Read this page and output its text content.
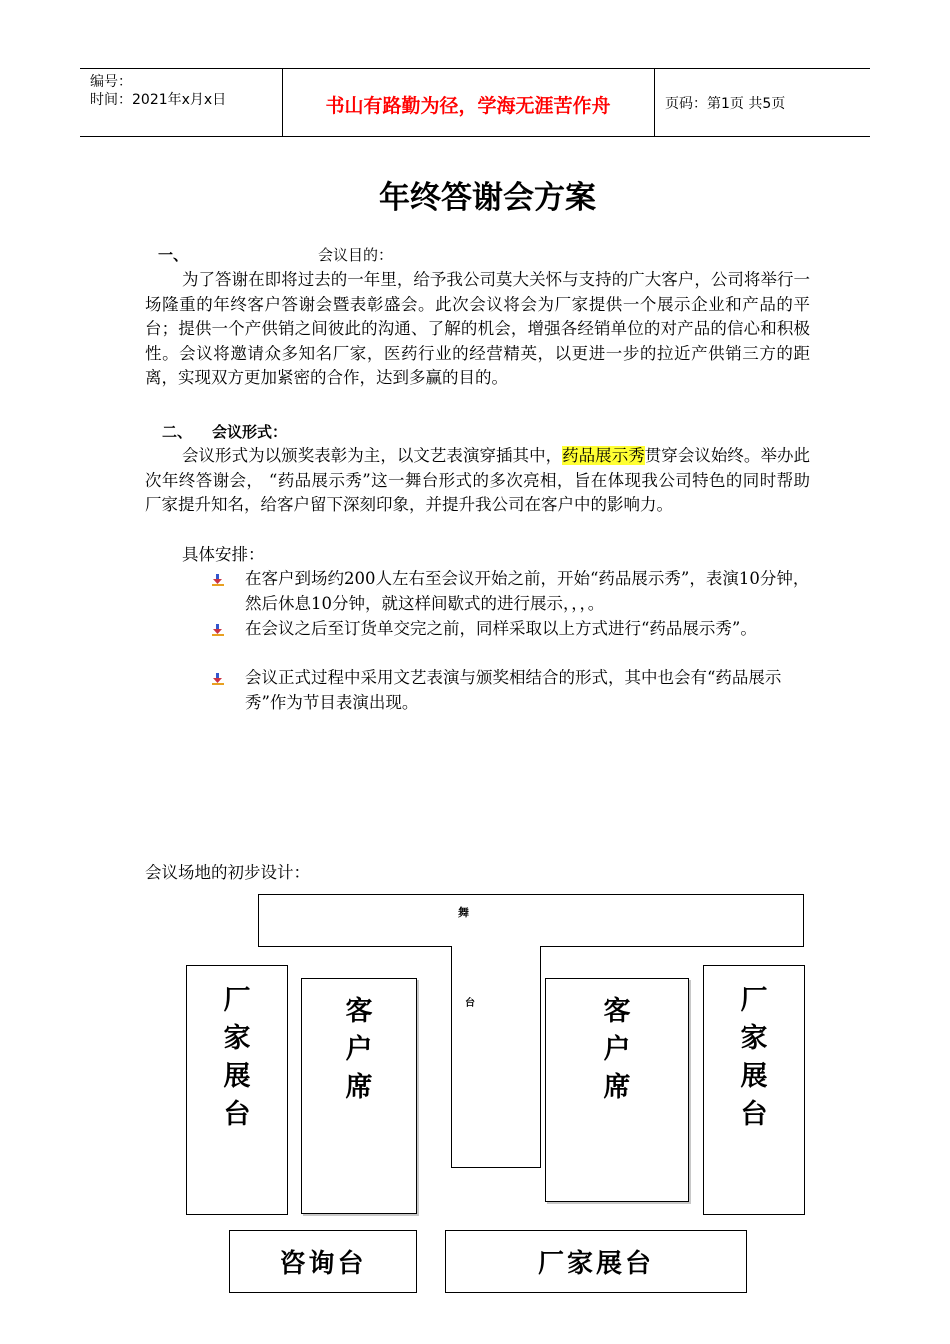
编号：
时间：2021年x月x日	书山有路勤为径，学海无涯苦作舟	页码：第1页 共5页
年终答谢会方案
一、	会议目的：
为了答谢在即将过去的一年里，给予我公司莫大关怀与支持的广大客户，公司将举行一场隆重的年终客户答谢会暨表彰盛会。此次会议将会为厂家提供一个展示企业和产品的平台；提供一个产供销之间彼此的沟通、了解的机会，增强各经销单位的对产品的信心和积极性。会议将邀请众多知名厂家，医药行业的经营精英，以更进一步的拉近产供销三方的距离，实现双方更加紧密的合作，达到多赢的目的。
二、 会议形式：
会议形式为以颁奖表彰为主，以文艺表演穿插其中，药品展示秀贯穿会议始终。举办此次年终答谢会， “药品展示秀”这一舞台形式的多次亮相，旨在体现我公司特色的同时帮助厂家提升知名，给客户留下深刻印象，并提升我公司在客户中的影响力。
具体安排：
在客户到场约200人左右至会议开始之前，开始“药品展示秀”，表演10分钟，然后休息10分钟，就这样间歇式的进行展示，，，。
在会议之后至订货单交完之前，同样采取以上方式进行“药品展示秀”。
会议正式过程中采用文艺表演与颁奖相结合的形式，其中也会有“药品展示秀”作为节目表演出现。
会议场地的初步设计：
舞
台
厂
家
展
台
客
户
席
客
户
席
厂
家
展
台
咨询台	厂家展台
